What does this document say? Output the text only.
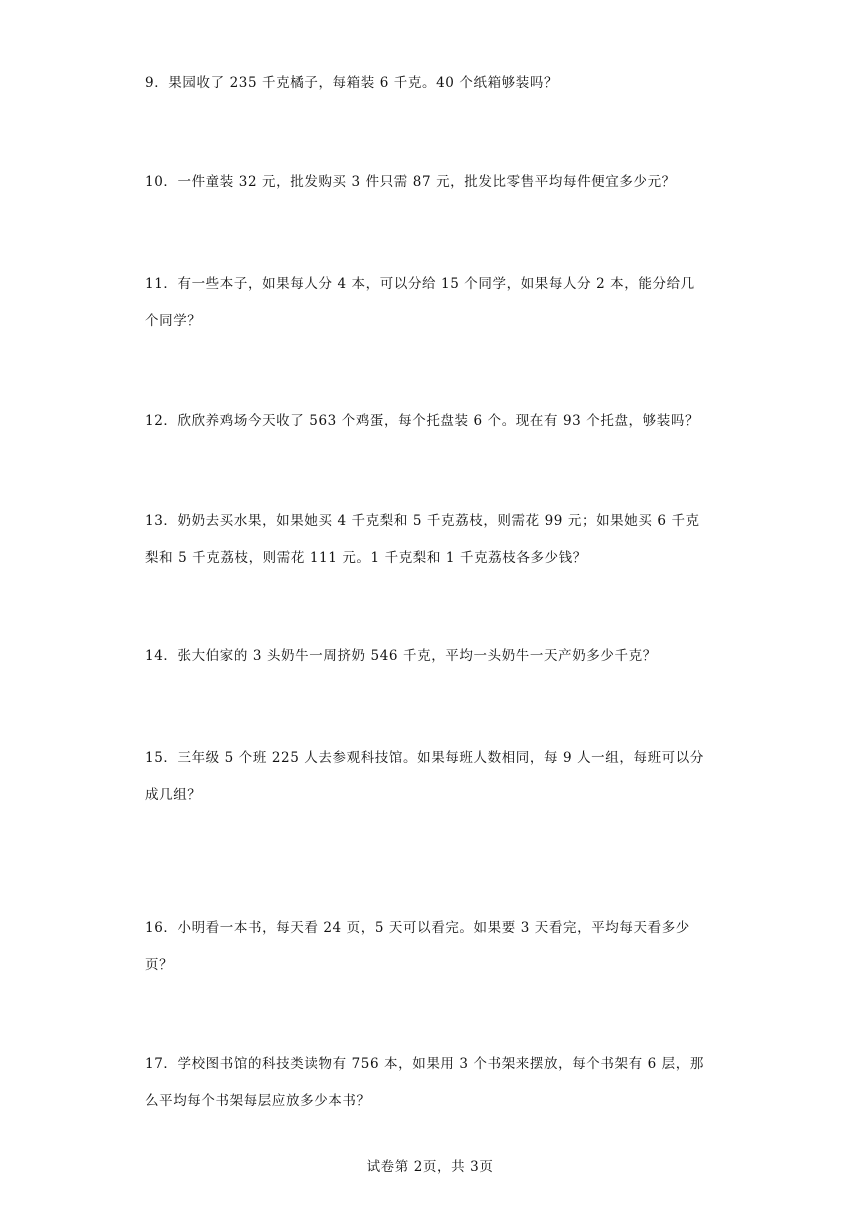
9．果园收了 235 千克橘子，每箱装 6 千克。40 个纸箱够装吗？
10．一件童装 32 元，批发购买 3 件只需 87 元，批发比零售平均每件便宜多少元？
11．有一些本子，如果每人分 4 本，可以分给 15 个同学，如果每人分 2 本，能分给几
个同学？
12．欣欣养鸡场今天收了 563 个鸡蛋，每个托盘装 6 个。现在有 93 个托盘，够装吗？
13．奶奶去买水果，如果她买 4 千克梨和 5 千克荔枝，则需花 99 元；如果她买 6 千克
梨和 5 千克荔枝，则需花 111 元。1 千克梨和 1 千克荔枝各多少钱？
14．张大伯家的 3 头奶牛一周挤奶 546 千克，平均一头奶牛一天产奶多少千克？
15．三年级 5 个班 225 人去参观科技馆。如果每班人数相同，每 9 人一组，每班可以分
成几组？
16．小明看一本书，每天看 24 页，5 天可以看完。如果要 3 天看完，平均每天看多少
页？
17．学校图书馆的科技类读物有 756 本，如果用 3 个书架来摆放，每个书架有 6 层，那
么平均每个书架每层应放多少本书？
试卷第 2页，共 3页
